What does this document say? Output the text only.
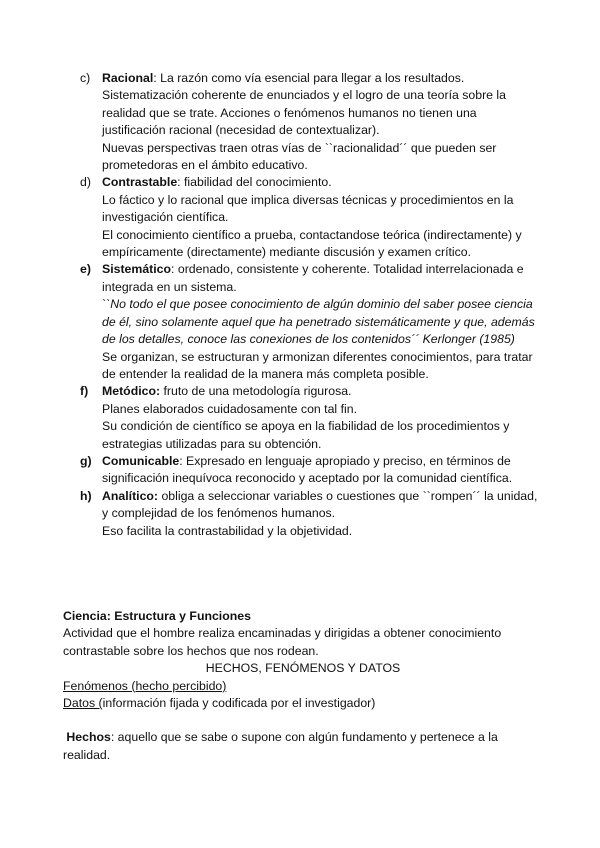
c) Racional: La razón como vía esencial para llegar a los resultados.

Sistematización coherente de enunciados y el logro de una teoría sobre la realidad que se trate. Acciones o fenómenos humanos no tienen una justificación racional (necesidad de contextualizar).

Nuevas perspectivas traen otras vías de ``racionalidad´´ que pueden ser prometedoras en el ámbito educativo.

d) Contrastable: fiabilidad del conocimiento.

Lo fáctico y lo racional que implica diversas técnicas y procedimientos en la investigación científica.

El conocimiento científico a prueba, contactandose teórica (indirectamente) y empíricamente (directamente) mediante discusión y examen crítico.

e) Sistemático: ordenado, consistente y coherente. Totalidad interrelacionada e integrada en un sistema.

``No todo el que posee conocimiento de algún dominio del saber posee ciencia de él, sino solamente aquel que ha penetrado sistemáticamente y que, además de los detalles, conoce las conexiones de los contenidos´´ Kerlonger (1985)

Se organizan, se estructuran y armonizan diferentes conocimientos, para tratar de entender la realidad de la manera más completa posible.

f)	Metódico: fruto de una metodología rigurosa.

Planes elaborados cuidadosamente con tal fin.

Su condición de científico se apoya en la fiabilidad de los procedimientos y estrategias utilizadas para su obtención.

g) Comunicable: Expresado en lenguaje apropiado y preciso, en términos de significación inequívoca reconocido y aceptado por la comunidad científica.

h) Analítico: obliga a seleccionar variables o cuestiones que ``rompen´´ la unidad, y complejidad de los fenómenos humanos.

Eso facilita la contrastabilidad y la objetividad.

Ciencia: Estructura y Funciones

Actividad que el hombre realiza encaminadas y dirigidas a obtener conocimiento contrastable sobre los hechos que nos rodean.

HECHOS, FENÓMENOS Y DATOS

Fenómenos (hecho percibido)

Datos (información fijada y codificada por el investigador)

Hechos: aquello que se sabe o supone con algún fundamento y pertenece a la realidad.
